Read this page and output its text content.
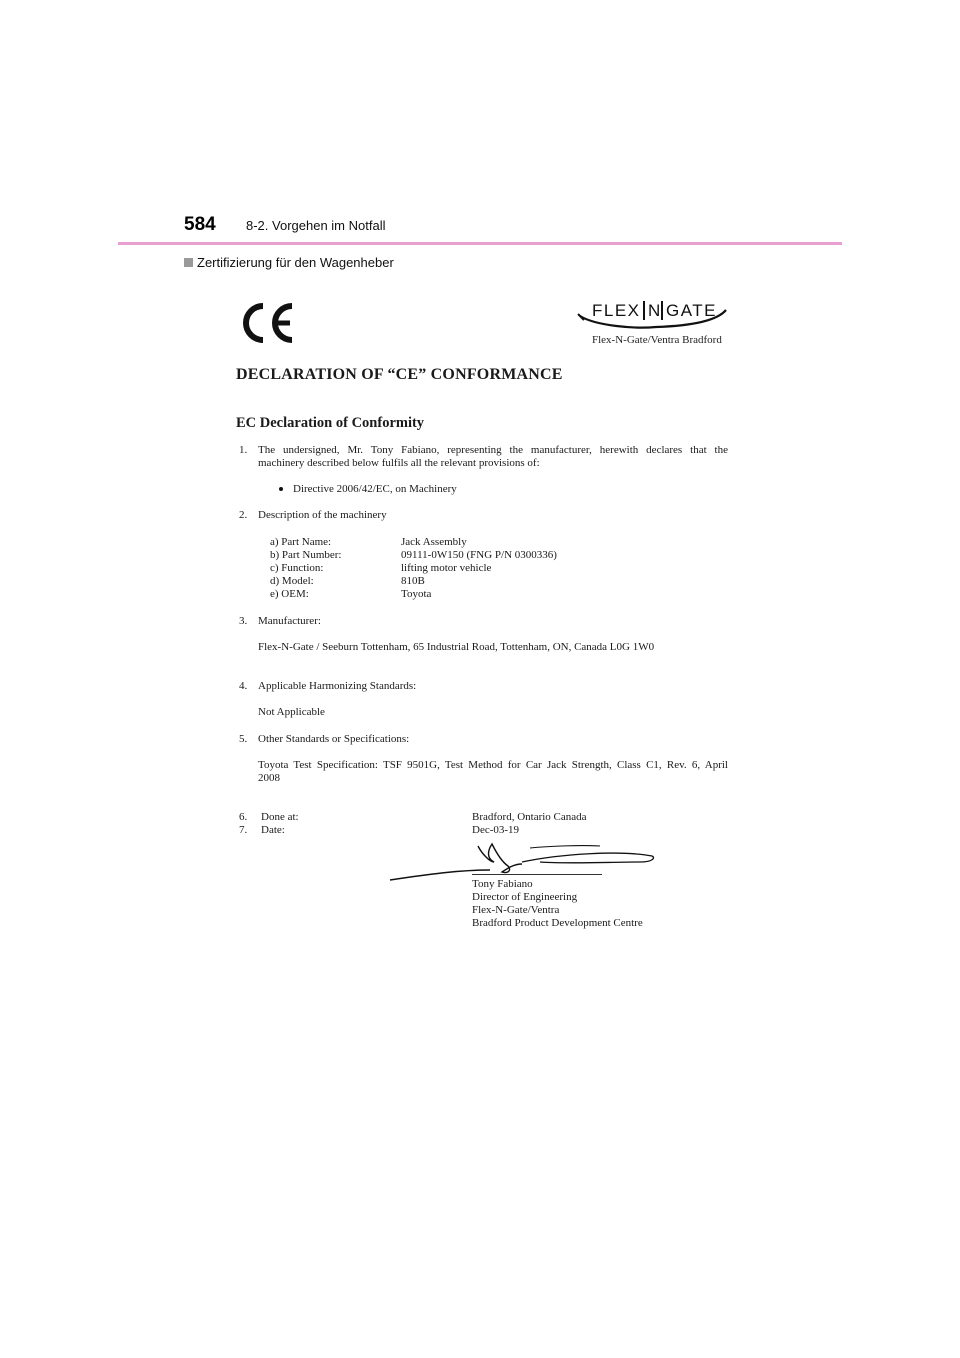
584 8-2. Vorgehen im Notfall
Zertifizierung für den Wagenheber
FLEX N GATE
Flex-N-Gate/Ventra Bradford
DECLARATION OF “CE” CONFORMANCE
EC Declaration of Conformity
1. The undersigned, Mr. Tony Fabiano, representing the manufacturer, herewith declares that the
machinery described below fulfils all the relevant provisions of:
Directive 2006/42/EC, on Machinery
2. Description of the machinery
a) Part Name:	Jack Assembly
b) Part Number:	09111-0W150 (FNG P/N 0300336)
c) Function:	lifting motor vehicle
d) Model:	810B
e) OEM:	Toyota
3. Manufacturer:
Flex-N-Gate / Seeburn Tottenham, 65 Industrial Road, Tottenham, ON, Canada L0G 1W0
4. Applicable Harmonizing Standards:
Not Applicable
5. Other Standards or Specifications:
Toyota Test Specification: TSF 9501G, Test Method for Car Jack Strength, Class C1, Rev. 6, April
2008
6. Done at:	Bradford, Ontario Canada
7. Date:	Dec-03-19
Tony Fabiano
Director of Engineering
Flex-N-Gate/Ventra
Bradford Product Development Centre
